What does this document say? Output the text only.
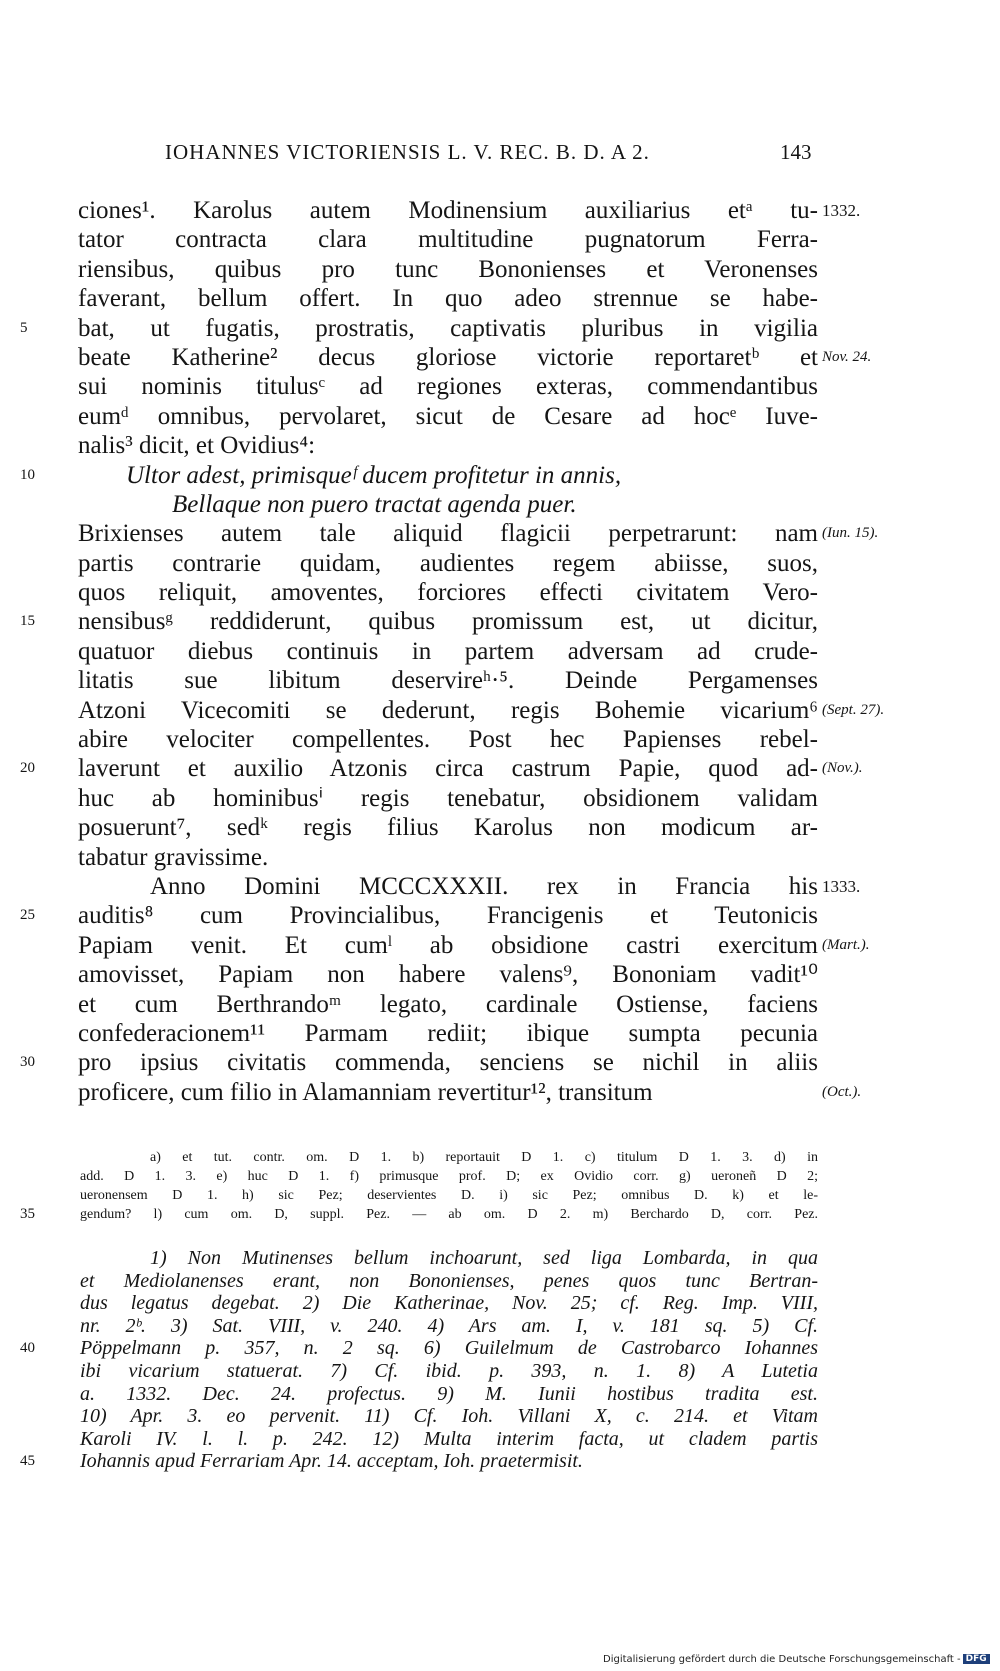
IOHANNES VICTORIENSIS L. V. REC. B. D. A 2.	143
ciones¹. Karolus autem Modinensium auxiliarius etᵃ tu- 1332.
tator contracta clara multitudine pugnatorum Ferra-
riensibus, quibus pro tunc Bononienses et Veronenses
faverant, bellum offert. In quo adeo strennue se habe-
5	bat, ut fugatis, prostratis, captivatis pluribus in vigilia
beate Katherine² decus gloriose victorie reportaretᵇ et Nov. 24.
sui nominis titulusᶜ ad regiones exteras, commendantibus
eumᵈ omnibus, pervolaret, sicut de Cesare ad hocᵉ Iuve-
nalis³ dicit, et Ovidius⁴:
10	Ultor adest, primisqueᶠ ducem profitetur in annis,
Bellaque non puero tractat agenda puer.
Brixienses autem tale aliquid flagicii perpetrarunt: nam (Iun. 15).
partis contrarie quidam, audientes regem abiisse, suos,
quos reliquit, amoventes, forciores effecti civitatem Vero-
15	nensibusᵍ reddiderunt, quibus promissum est, ut dicitur,
quatuor diebus continuis in partem adversam ad crude-
litatis sue libitum deservireʰ·⁵. Deinde Pergamenses
Atzoni Vicecomiti se dederunt, regis Bohemie vicarium⁶ (Sept. 27).
abire velociter compellentes. Post hec Papienses rebel-
20	laverunt et auxilio Atzonis circa castrum Papie, quod ad- (Nov.).
huc ab hominibusⁱ regis tenebatur, obsidionem validam
posuerunt⁷, sedᵏ regis filius Karolus non modicum ar-
tabatur gravissime.
Anno Domini MCCCXXXII. rex in Francia his 1333.
25	auditis⁸ cum Provincialibus, Francigenis et Teutonicis
Papiam venit. Et cumˡ ab obsidione castri exercitum (Mart.).
amovisset, Papiam non habere valens⁹, Bononiam vadit¹⁰
et cum Berthrandoᵐ legato, cardinale Ostiense, faciens
confederacionem¹¹ Parmam rediit; ibique sumpta pecunia
30	pro ipsius civitatis commenda, senciens se nichil in aliis
proficere, cum filio in Alamanniam revertitur¹², transitum	(Oct.).
a) et tut. contr. om. D 1. b) reportauit D 1. c) titulum D 1. 3. d) in
add. D 1. 3. e) huc D 1. f) primusque prof. D; ex Ovidio corr. g) ueroneñ D 2;
ueronensem D 1. h) sic Pez; deservientes D. i) sic Pez; omnibus D. k) et le-
35	gendum? l) cum om. D, suppl. Pez. — ab om. D 2. m) Berchardo D, corr. Pez.
1) Non Mutinenses bellum inchoarunt, sed liga Lombarda, in qua
et Mediolanenses erant, non Bononienses, penes quos tunc Bertran-
dus legatus degebat. 2) Die Katherinae, Nov. 25; cf. Reg. Imp. VIII,
nr. 2ᵇ. 3) Sat. VIII, v. 240. 4) Ars am. I, v. 181 sq. 5) Cf.
40	Pöppelmann p. 357, n. 2 sq. 6) Guilelmum de Castrobarco Iohannes
ibi vicarium statuerat. 7) Cf. ibid. p. 393, n. 1. 8) A Lutetia
a. 1332. Dec. 24. profectus. 9) M. Iunii hostibus tradita est.
10) Apr. 3. eo pervenit. 11) Cf. Ioh. Villani X, c. 214. et Vitam
Karoli IV. l. l. p. 242. 12) Multa interim facta, ut cladem partis
45	Iohannis apud Ferrariam Apr. 14. acceptam, Ioh. praetermisit.
Digitalisierung gefördert durch die Deutsche Forschungsgemeinschaft - DFG
